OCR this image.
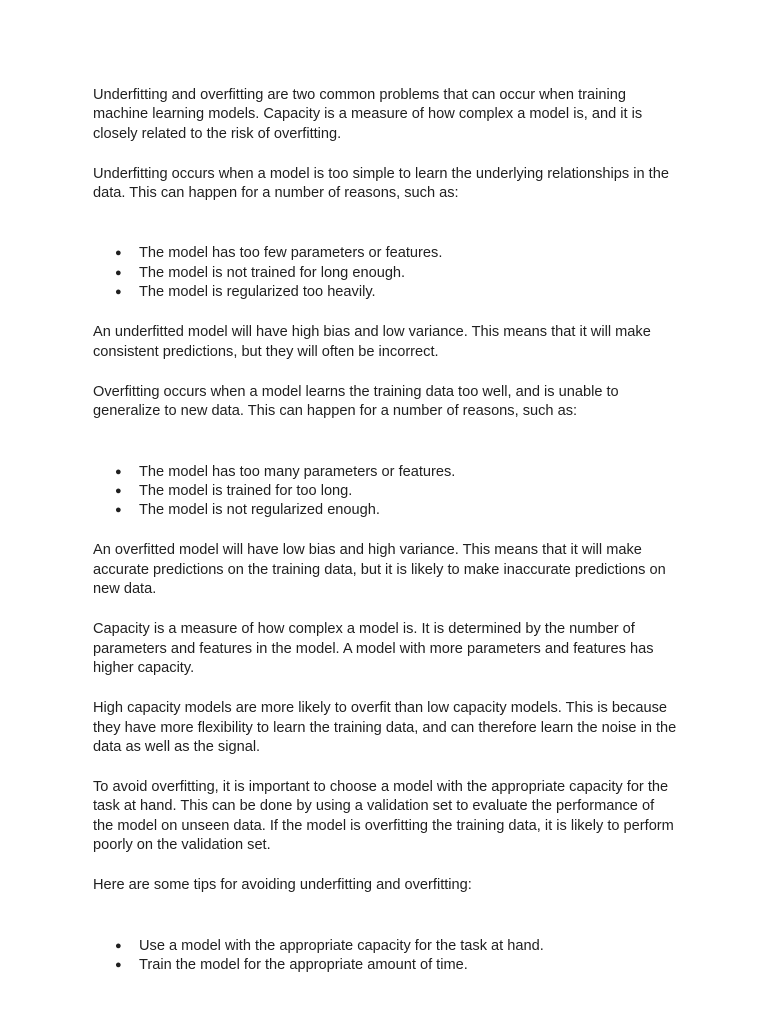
Underfitting and overfitting are two common problems that can occur when training machine learning models. Capacity is a measure of how complex a model is, and it is closely related to the risk of overfitting.

Underfitting occurs when a model is too simple to learn the underlying relationships in the data. This can happen for a number of reasons, such as:

● The model has too few parameters or features.
● The model is not trained for long enough.
● The model is regularized too heavily.

An underfitted model will have high bias and low variance. This means that it will make consistent predictions, but they will often be incorrect.

Overfitting occurs when a model learns the training data too well, and is unable to generalize to new data. This can happen for a number of reasons, such as:

● The model has too many parameters or features.
● The model is trained for too long.
● The model is not regularized enough.

An overfitted model will have low bias and high variance. This means that it will make accurate predictions on the training data, but it is likely to make inaccurate predictions on new data.

Capacity is a measure of how complex a model is. It is determined by the number of parameters and features in the model. A model with more parameters and features has higher capacity.

High capacity models are more likely to overfit than low capacity models. This is because they have more flexibility to learn the training data, and can therefore learn the noise in the data as well as the signal.

To avoid overfitting, it is important to choose a model with the appropriate capacity for the task at hand. This can be done by using a validation set to evaluate the performance of the model on unseen data. If the model is overfitting the training data, it is likely to perform poorly on the validation set.

Here are some tips for avoiding underfitting and overfitting:

● Use a model with the appropriate capacity for the task at hand.
● Train the model for the appropriate amount of time.
